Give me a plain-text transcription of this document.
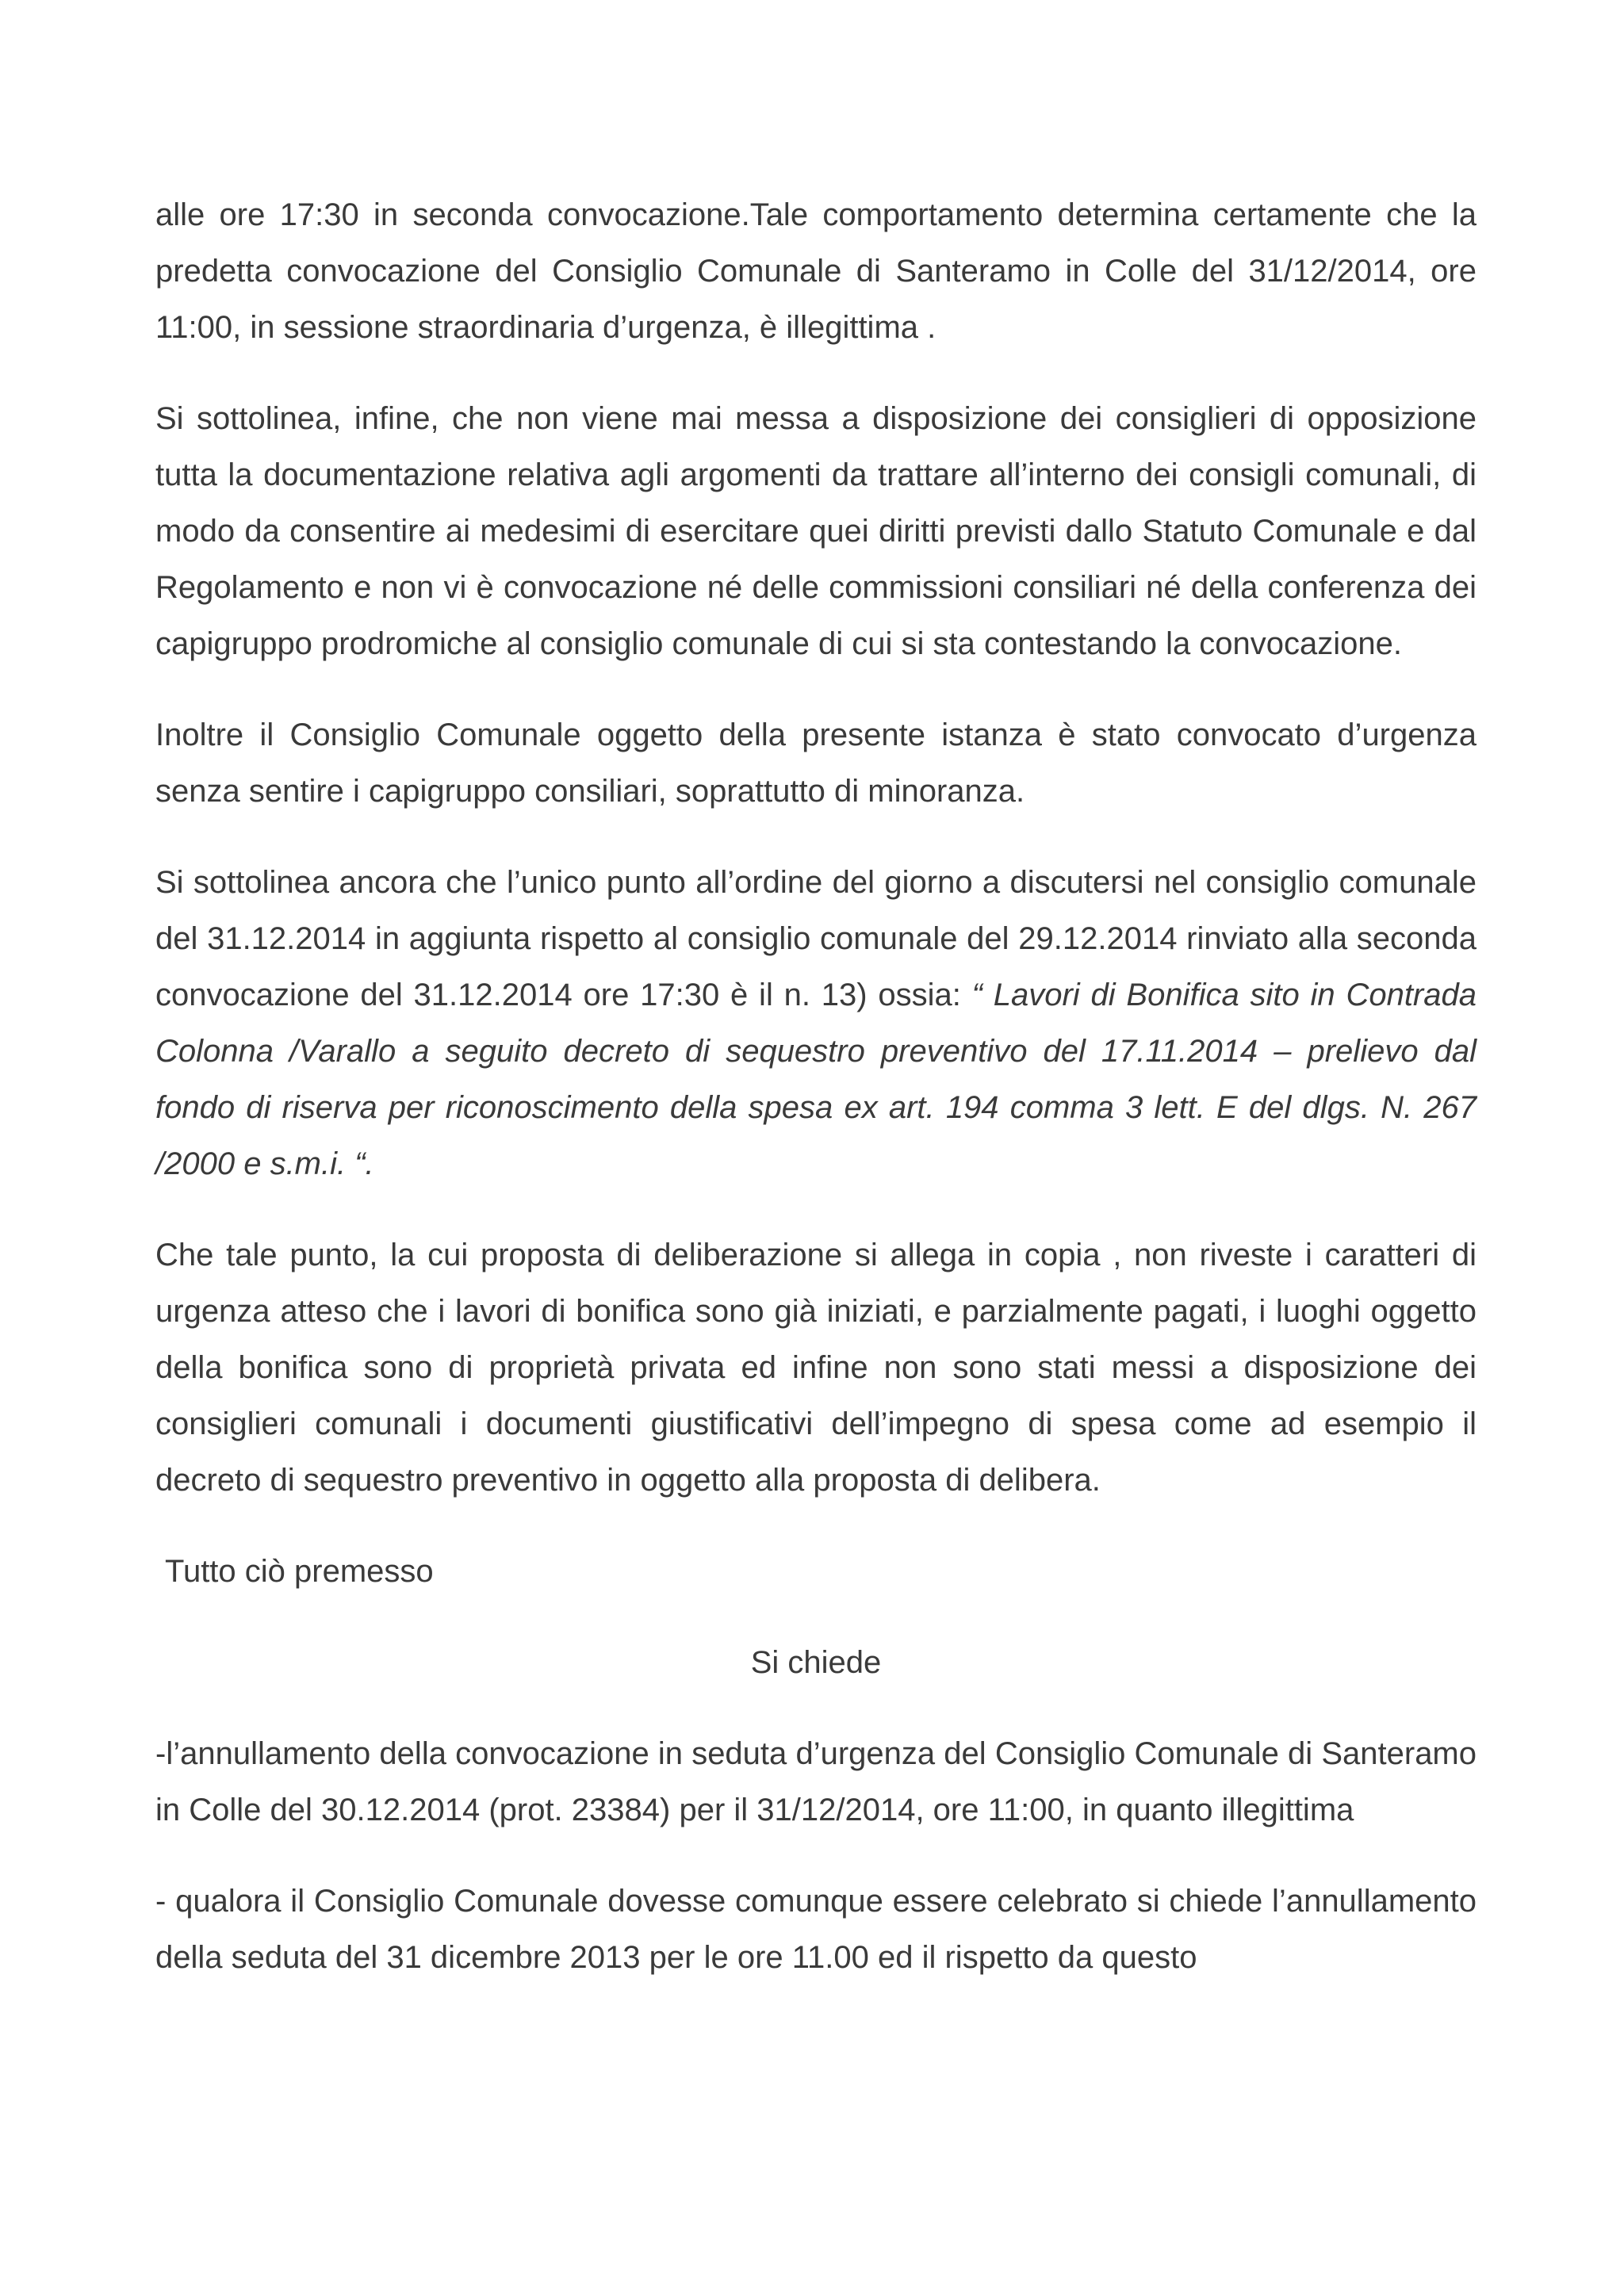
alle ore 17:30 in seconda convocazione.Tale comportamento determina certamente che la predetta convocazione del Consiglio Comunale di Santeramo in Colle del 31/12/2014, ore 11:00, in sessione straordinaria d’urgenza, è illegittima .

Si sottolinea, infine, che non viene mai messa a disposizione dei consiglieri di opposizione tutta la documentazione relativa agli argomenti da trattare all’interno dei consigli comunali, di modo da consentire ai medesimi di esercitare quei diritti previsti dallo Statuto Comunale e dal Regolamento e non vi è convocazione né delle commissioni consiliari né della conferenza dei capigruppo prodromiche al consiglio comunale di cui si sta contestando la convocazione.

Inoltre il Consiglio Comunale oggetto della presente istanza è stato convocato d’urgenza senza sentire i capigruppo consiliari, soprattutto di minoranza.

Si sottolinea ancora che l’unico punto all’ordine del giorno a discutersi nel consiglio comunale del 31.12.2014 in aggiunta rispetto al consiglio comunale del 29.12.2014 rinviato alla seconda convocazione del 31.12.2014 ore 17:30 è il n. 13) ossia: “ Lavori di Bonifica sito in Contrada Colonna /Varallo a seguito decreto di sequestro preventivo del 17.11.2014 – prelievo dal fondo di riserva per riconoscimento della spesa ex art. 194 comma 3 lett. E del dlgs. N. 267 /2000 e s.m.i. “.

Che tale punto, la cui proposta di deliberazione si allega in copia , non riveste i caratteri di urgenza atteso che i lavori di bonifica sono già iniziati, e parzialmente pagati, i luoghi oggetto della bonifica sono di proprietà privata ed infine non sono stati messi a disposizione dei consiglieri comunali i documenti giustificativi dell’impegno di spesa come ad esempio il decreto di sequestro preventivo in oggetto alla proposta di delibera.

Tutto ciò premesso

Si chiede

-l’annullamento della convocazione in seduta d’urgenza del Consiglio Comunale di Santeramo in Colle del 30.12.2014 (prot. 23384) per il 31/12/2014, ore 11:00, in quanto illegittima

- qualora il Consiglio Comunale dovesse comunque essere celebrato si chiede l’annullamento della seduta del 31 dicembre 2013 per le ore 11.00 ed il rispetto da questo
